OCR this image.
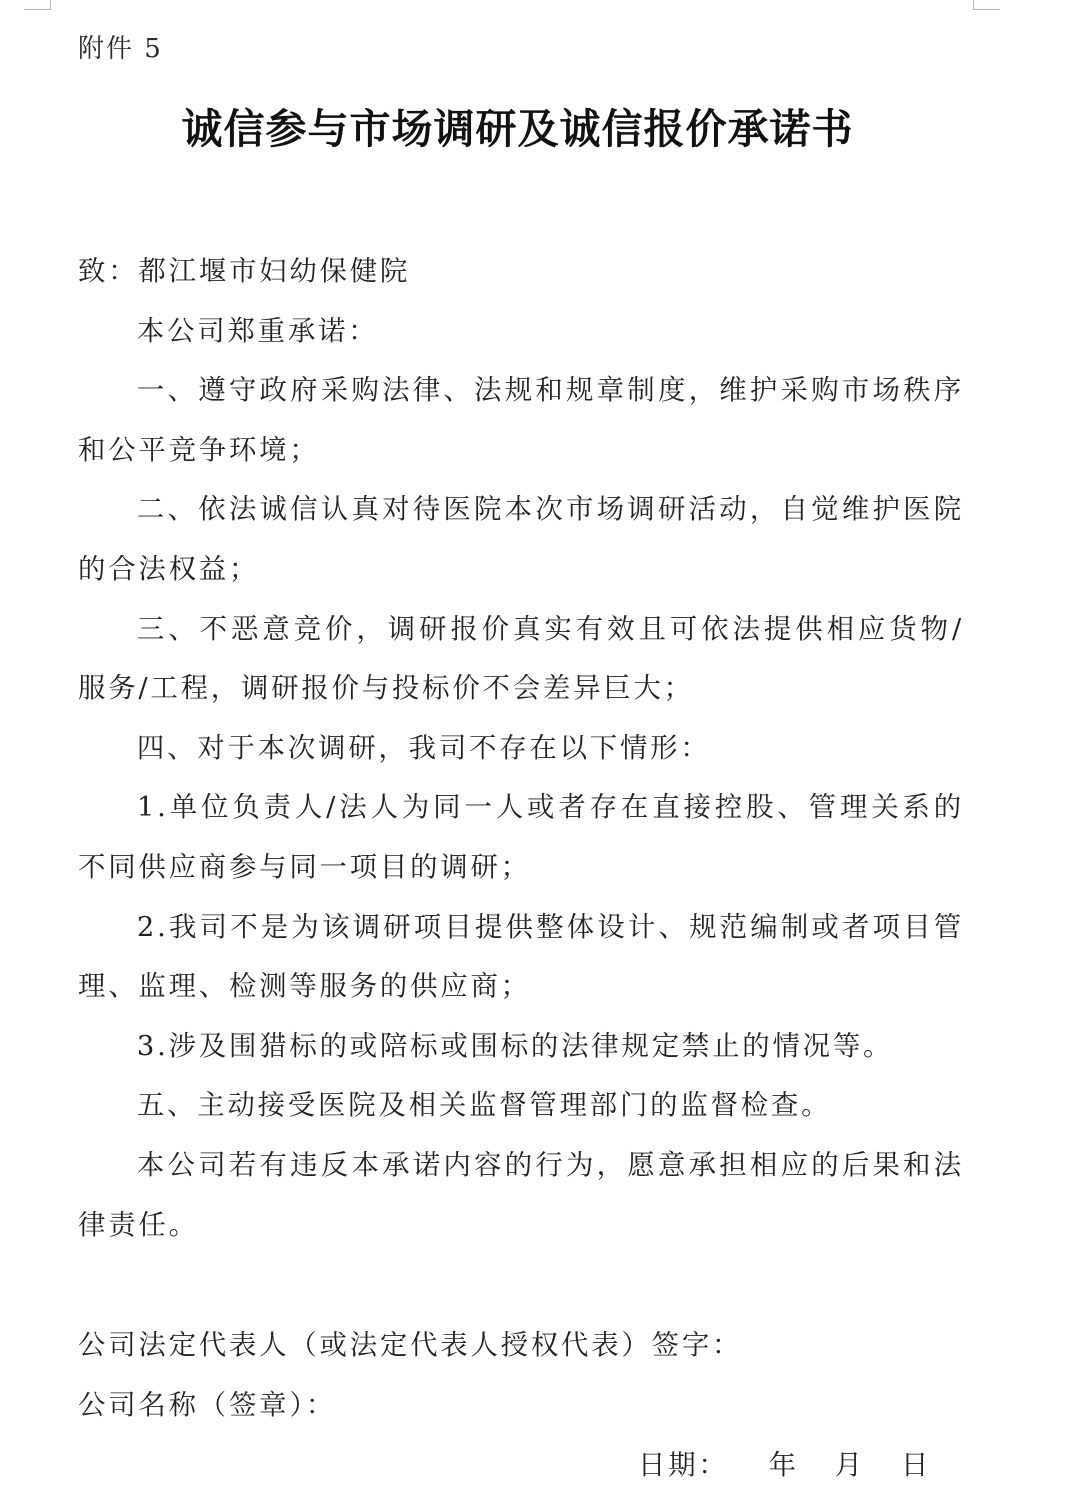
附件 5
诚信参与市场调研及诚信报价承诺书

致：都江堰市妇幼保健院

本公司郑重承诺：

一、遵守政府采购法律、法规和规章制度，维护采购市场秩序和公平竞争环境；

二、依法诚信认真对待医院本次市场调研活动，自觉维护医院的合法权益；

三、不恶意竞价，调研报价真实有效且可依法提供相应货物/服务/工程，调研报价与投标价不会差异巨大；

四、对于本次调研，我司不存在以下情形：

1.单位负责人/法人为同一人或者存在直接控股、管理关系的不同供应商参与同一项目的调研；

2.我司不是为该调研项目提供整体设计、规范编制或者项目管理、监理、检测等服务的供应商；

3.涉及围猎标的或陪标或围标的法律规定禁止的情况等。

五、主动接受医院及相关监督管理部门的监督检查。

本公司若有违反本承诺内容的行为，愿意承担相应的后果和法律责任。

公司法定代表人（或法定代表人授权代表）签字：
公司名称（签章）：
日期： 年 月 日
